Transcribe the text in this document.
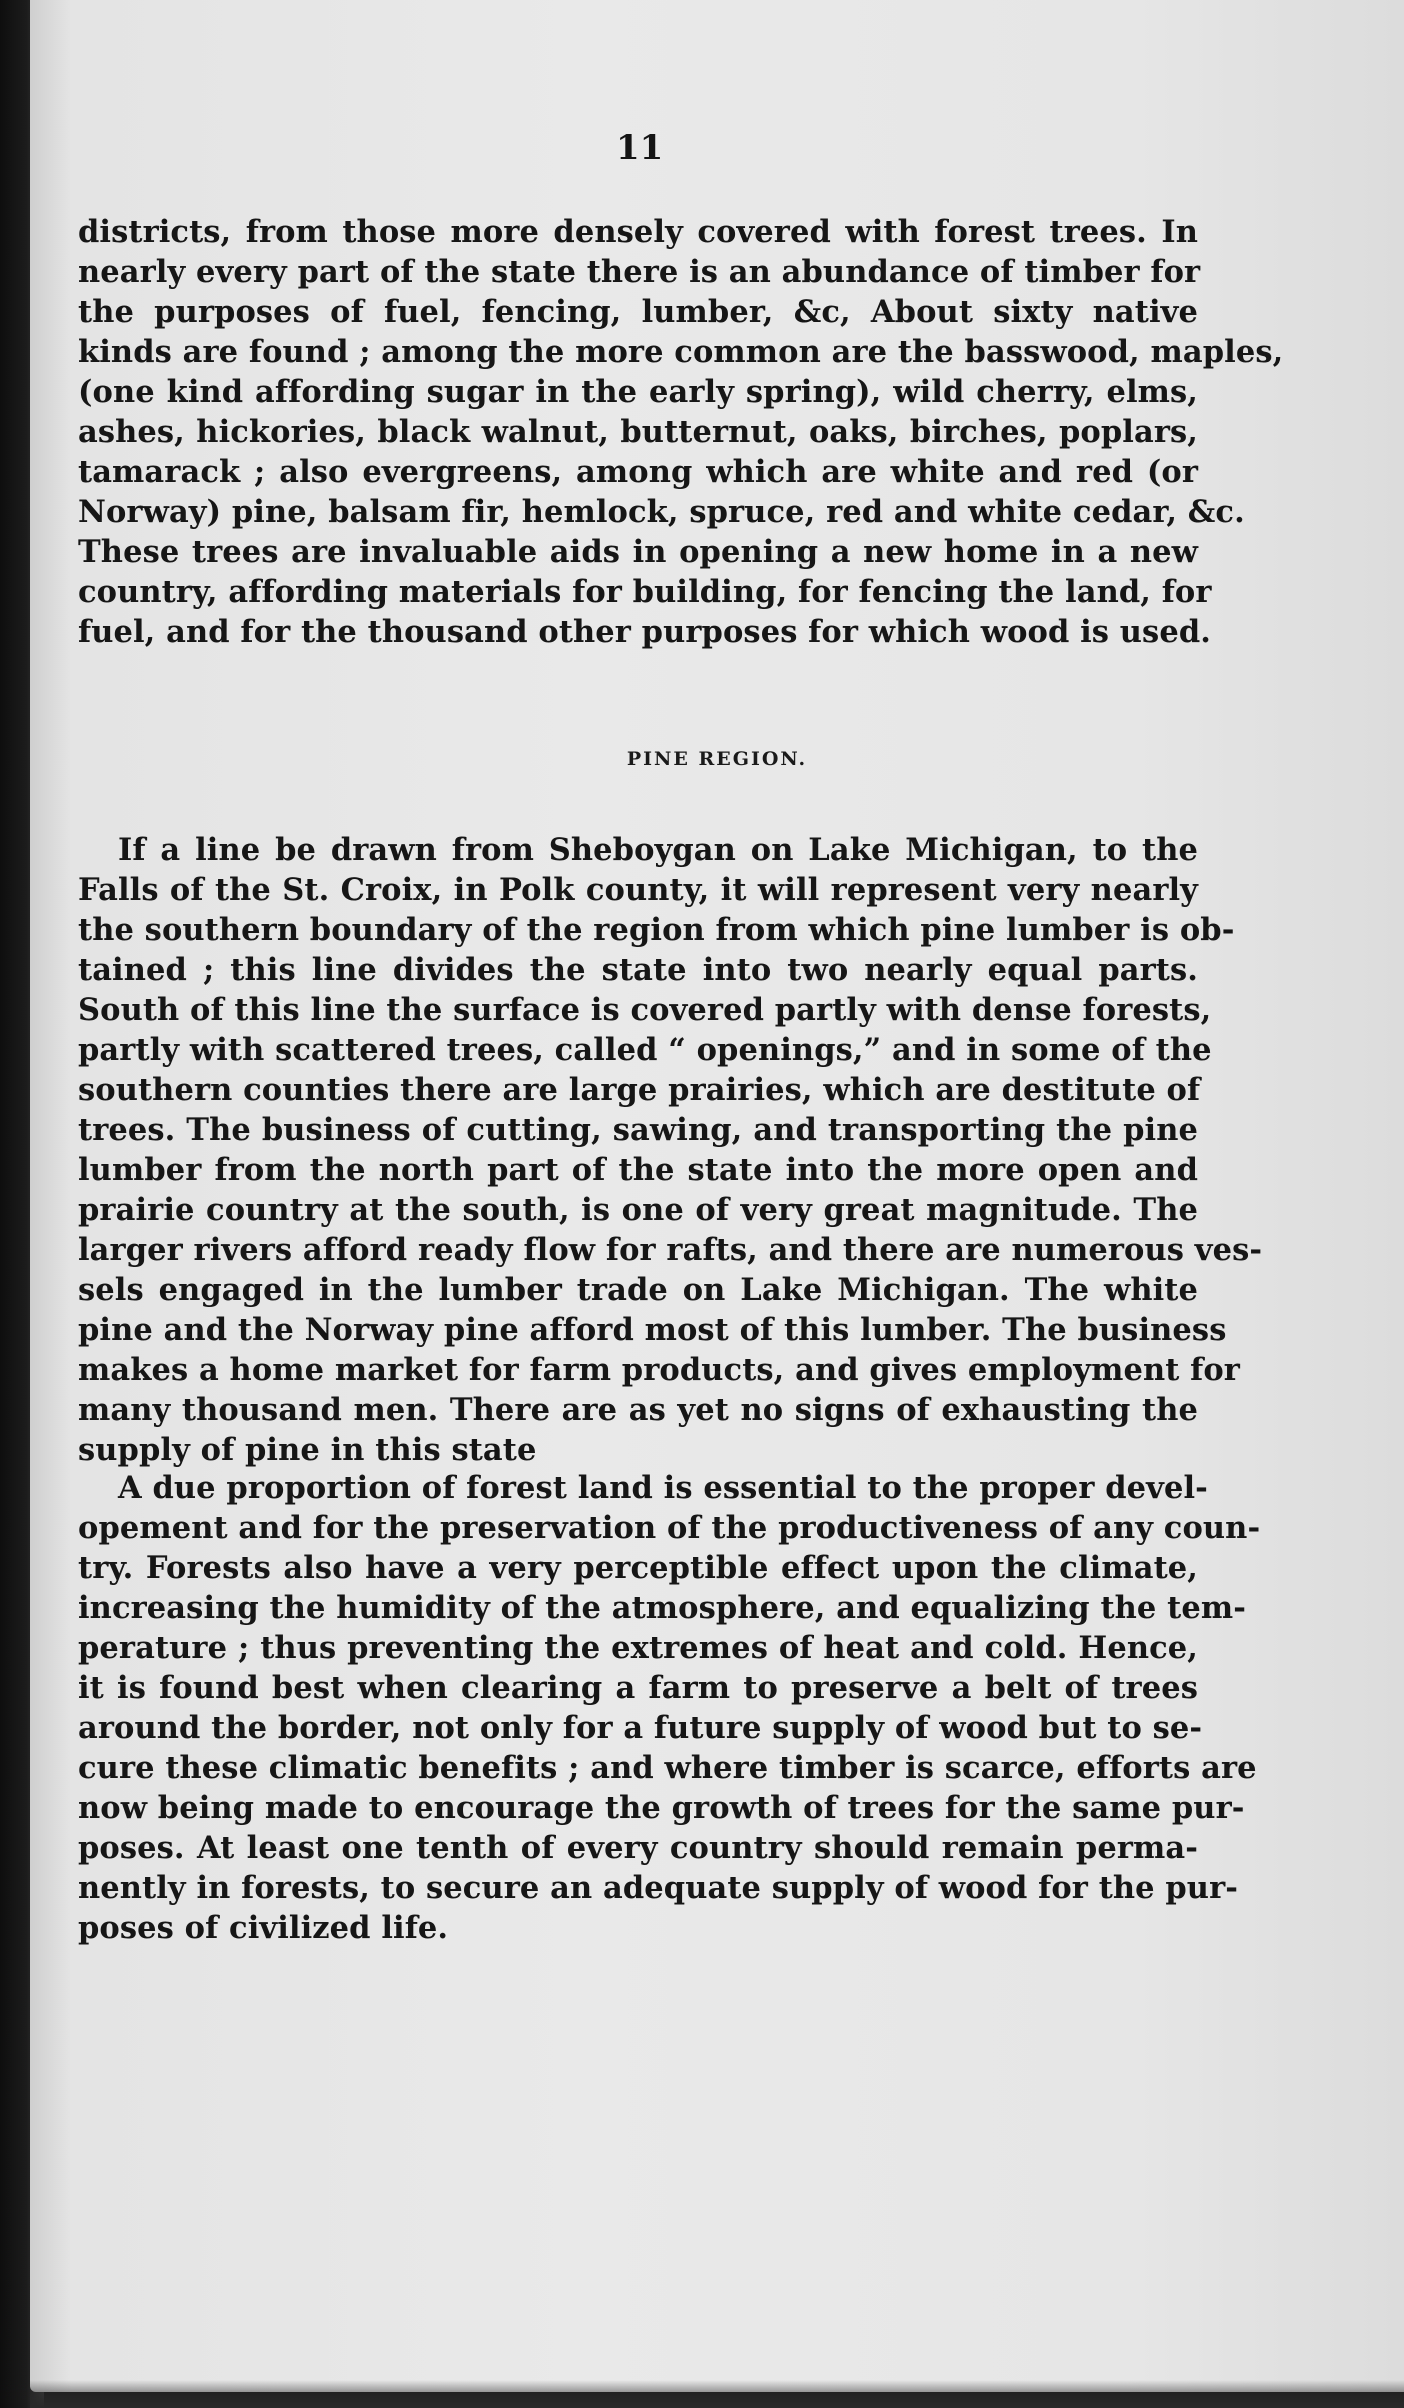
11
districts, from those more densely covered with forest trees. In
nearly every part of the state there is an abundance of timber for
the purposes of fuel, fencing, lumber, &c, About sixty native
kinds are found ; among the more common are the basswood, maples,
(one kind affording sugar in the early spring), wild cherry, elms,
ashes, hickories, black walnut, butternut, oaks, birches, poplars,
tamarack ; also evergreens, among which are white and red (or
Norway) pine, balsam fir, hemlock, spruce, red and white cedar, &c.
These trees are invaluable aids in opening a new home in a new
country, affording materials for building, for fencing the land, for
fuel, and for the thousand other purposes for which wood is used.
PINE REGION.
If a line be drawn from Sheboygan on Lake Michigan, to the
Falls of the St. Croix, in Polk county, it will represent very nearly
the southern boundary of the region from which pine lumber is ob-
tained ; this line divides the state into two nearly equal parts.
South of this line the surface is covered partly with dense forests,
partly with scattered trees, called “ openings,” and in some of the
southern counties there are large prairies, which are destitute of
trees. The business of cutting, sawing, and transporting the pine
lumber from the north part of the state into the more open and
prairie country at the south, is one of very great magnitude. The
larger rivers afford ready flow for rafts, and there are numerous ves-
sels engaged in the lumber trade on Lake Michigan. The white
pine and the Norway pine afford most of this lumber. The business
makes a home market for farm products, and gives employment for
many thousand men. There are as yet no signs of exhausting the
supply of pine in this state
A due proportion of forest land is essential to the proper devel-
opement and for the preservation of the productiveness of any coun-
try. Forests also have a very perceptible effect upon the climate,
increasing the humidity of the atmosphere, and equalizing the tem-
perature ; thus preventing the extremes of heat and cold. Hence,
it is found best when clearing a farm to preserve a belt of trees
around the border, not only for a future supply of wood but to se-
cure these climatic benefits ; and where timber is scarce, efforts are
now being made to encourage the growth of trees for the same pur-
poses. At least one tenth of every country should remain perma-
nently in forests, to secure an adequate supply of wood for the pur-
poses of civilized life.
